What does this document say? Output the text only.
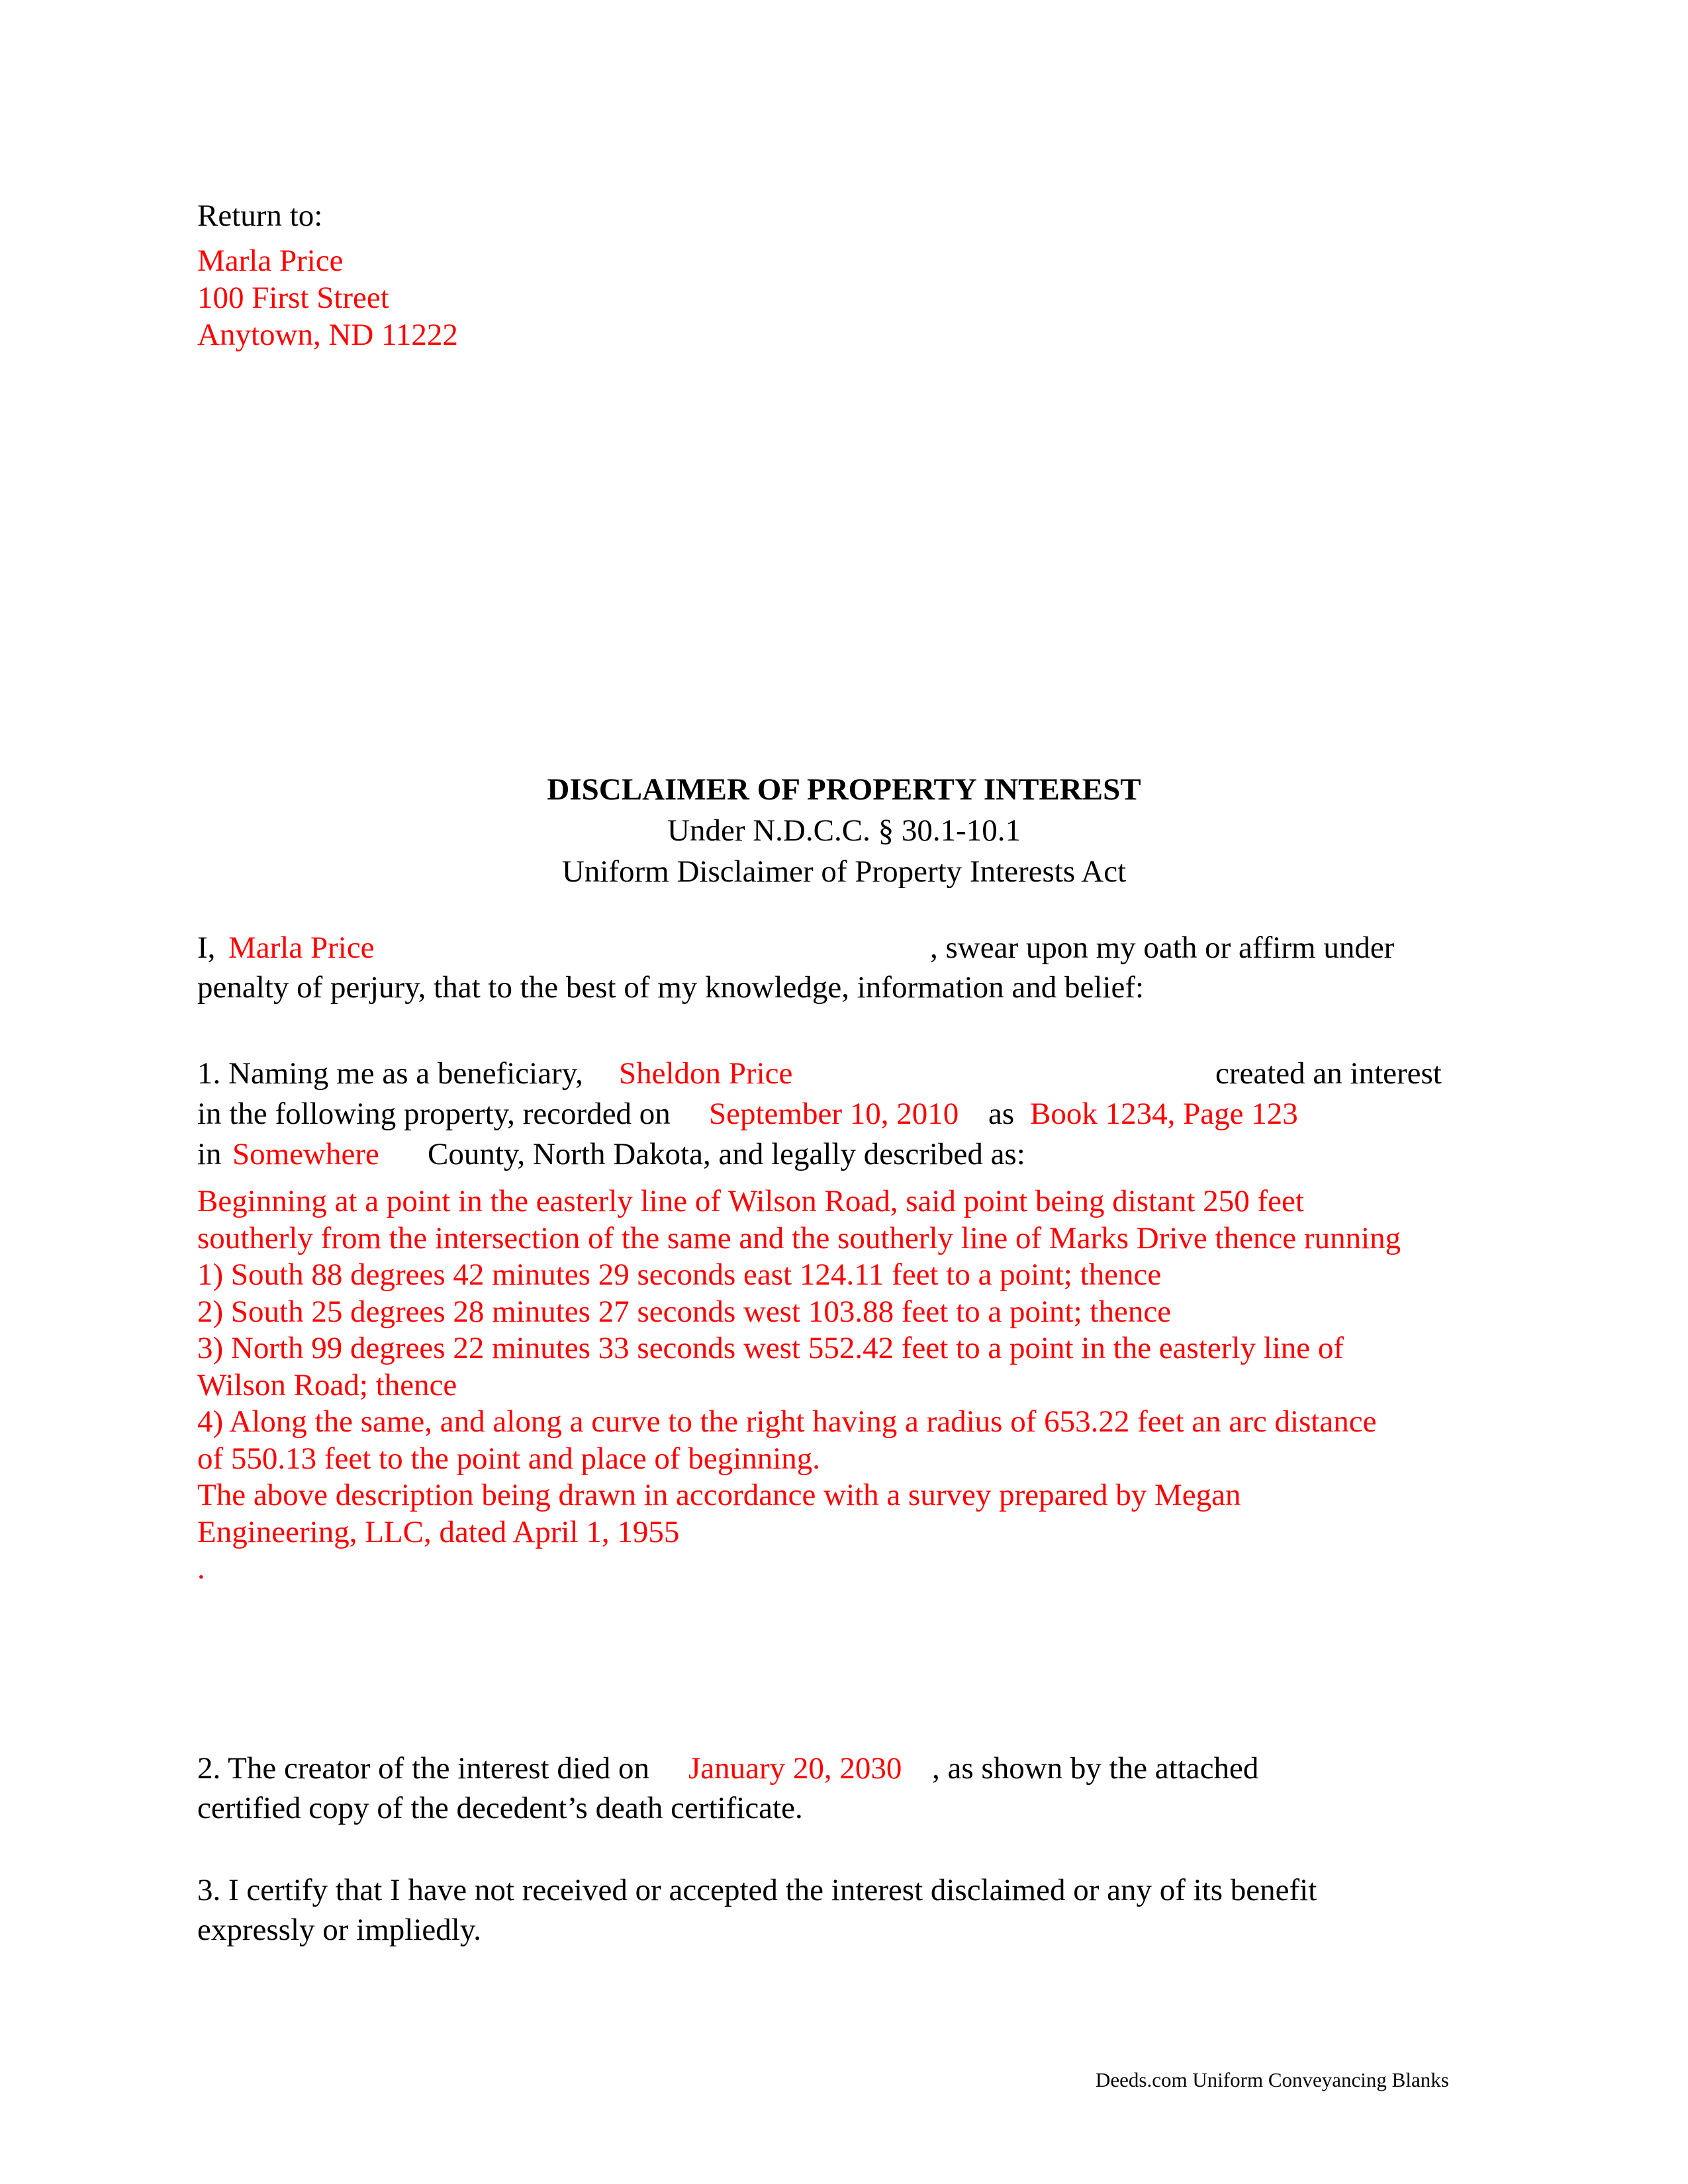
Return to:
Marla Price
100 First Street
Anytown, ND 11222
DISCLAIMER OF PROPERTY INTEREST
Under N.D.C.C. § 30.1-10.1
Uniform Disclaimer of Property Interests Act
I, Marla Price	, swear upon my oath or affirm under
penalty of perjury, that to the best of my knowledge, information and belief:
1. Naming me as a beneficiary, Sheldon Price	created an interest
in the following property, recorded on September 10, 2010 as Book 1234, Page 123
in Somewhere County, North Dakota, and legally described as:
Beginning at a point in the easterly line of Wilson Road, said point being distant 250 feet
southerly from the intersection of the same and the southerly line of Marks Drive thence running
1) South 88 degrees 42 minutes 29 seconds east 124.11 feet to a point; thence
2) South 25 degrees 28 minutes 27 seconds west 103.88 feet to a point; thence
3) North 99 degrees 22 minutes 33 seconds west 552.42 feet to a point in the easterly line of
Wilson Road; thence
4) Along the same, and along a curve to the right having a radius of 653.22 feet an arc distance
of 550.13 feet to the point and place of beginning.
The above description being drawn in accordance with a survey prepared by Megan
Engineering, LLC, dated April 1, 1955
.
2. The creator of the interest died on January 20, 2030 , as shown by the attached
certified copy of the decedent’s death certificate.
3. I certify that I have not received or accepted the interest disclaimed or any of its benefit
expressly or impliedly.
Deeds.com Uniform Conveyancing Blanks
